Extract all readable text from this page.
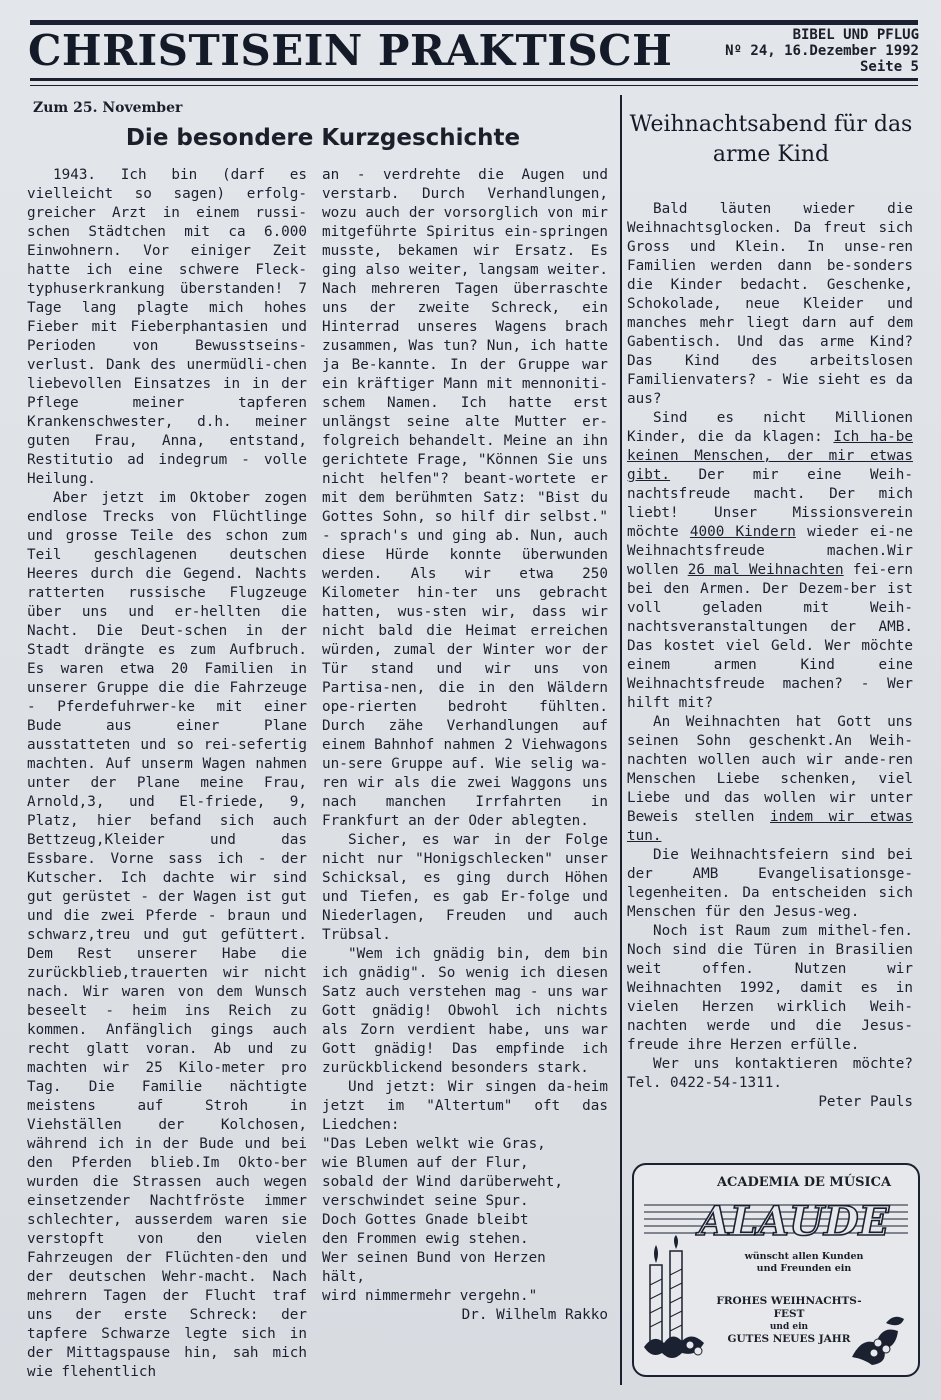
CHRISTISEIN PRAKTISCH	BIBEL UND PFLUG
Nº 24, 16.Dezember 1992
Seite 5
Zum 25. November
Die besondere Kurzgeschichte

1943. Ich bin (darf es vielleicht so sagen) erfolg-greicher Arzt in einem russi-schen Städtchen mit ca 6.000 Einwohnern. Vor einiger Zeit hatte ich eine schwere Fleck-typhuserkrankung überstanden! 7 Tage lang plagte mich hohes Fieber mit Fieberphantasien und Perioden von Bewusstseins-verlust. Dank des unermüdli-chen liebevollen Einsatzes in in der Pflege meiner tapferen Krankenschwester, d.h. meiner guten Frau, Anna, entstand, Restitutio ad indegrum - volle Heilung.

Aber jetzt im Oktober zogen endlose Trecks von Flüchtlinge und grosse Teile des schon zum Teil geschlagenen deutschen Heeres durch die Gegend. Nachts ratterten russische Flugzeuge über uns und er-hellten die Nacht. Die Deut-schen in der Stadt drängte es zum Aufbruch. Es waren etwa 20 Familien in unserer Gruppe die die Fahrzeuge - Pferdefuhrwer-ke mit einer Bude aus einer Plane ausstatteten und so rei-sefertig machten. Auf unserm Wagen nahmen unter der Plane meine Frau, Arnold,3, und El-friede, 9, Platz, hier befand sich auch Bettzeug,Kleider und das Essbare. Vorne sass ich - der Kutscher. Ich dachte wir sind gut gerüstet - der Wagen ist gut und die zwei Pferde - braun und schwarz,treu und gut gefüttert. Dem Rest unserer Habe die zurückblieb,trauerten wir nicht nach. Wir waren von dem Wunsch beseelt - heim ins Reich zu kommen. Anfänglich gings auch recht glatt voran. Ab und zu machten wir 25 Kilo-meter pro Tag. Die Familie nächtigte meistens auf Stroh in Viehställen der Kolchosen, während ich in der Bude und bei den Pferden blieb.Im Okto-ber wurden die Strassen auch wegen einsetzender Nachtfröste immer schlechter, ausserdem waren sie verstopft von den vielen Fahrzeugen der Flüchten-den und der deutschen Wehr-macht. Nach mehrern Tagen der Flucht traf uns der erste Schreck: der tapfere Schwarze legte sich in der Mittagspause hin, sah mich wie flehentlich

an - verdrehte die Augen und verstarb. Durch Verhandlungen, wozu auch der vorsorglich von mir mitgeführte Spiritus ein-springen musste, bekamen wir Ersatz. Es ging also weiter, langsam weiter. Nach mehreren Tagen überraschte uns der zweite Schreck, ein Hinterrad unseres Wagens brach zusammen, Was tun? Nun, ich hatte ja Be-kannte. In der Gruppe war ein kräftiger Mann mit mennoniti-schem Namen. Ich hatte erst unlängst seine alte Mutter er-folgreich behandelt. Meine an ihn gerichtete Frage, "Können Sie uns nicht helfen"? beant-wortete er mit dem berühmten Satz: "Bist du Gottes Sohn, so hilf dir selbst." - sprach's und ging ab. Nun, auch diese Hürde konnte überwunden werden. Als wir etwa 250 Kilometer hin-ter uns gebracht hatten, wus-sten wir, dass wir nicht bald die Heimat erreichen würden, zumal der Winter wor der Tür stand und wir uns von Partisa-nen, die in den Wäldern ope-rierten bedroht fühlten. Durch zähe Verhandlungen auf einem Bahnhof nahmen 2 Viehwagons un-sere Gruppe auf. Wie selig wa-ren wir als die zwei Waggons uns nach manchen Irrfahrten in Frankfurt an der Oder ablegten.

Sicher, es war in der Folge nicht nur "Honigschlecken" unser Schicksal, es ging durch Höhen und Tiefen, es gab Er-folge und Niederlagen, Freuden und auch Trübsal.

"Wem ich gnädig bin, dem bin ich gnädig". So wenig ich diesen Satz auch verstehen mag - uns war Gott gnädig! Obwohl ich nichts als Zorn verdient habe, uns war Gott gnädig! Das empfinde ich zurückblickend besonders stark.

Und jetzt: Wir singen da-heim jetzt im "Altertum" oft das Liedchen:

"Das Leben welkt wie Gras,
wie Blumen auf der Flur,
sobald der Wind darüberweht,
verschwindet seine Spur.
Doch Gottes Gnade bleibt
den Frommen ewig stehen.
Wer seinen Bund von Herzen
hält,
wird nimmermehr vergehn."
Dr. Wilhelm Rakko
Weihnachtsabend für das
arme Kind

Bald läuten wieder die Weihnachtsglocken. Da freut sich Gross und Klein. In unse-ren Familien werden dann be-sonders die Kinder bedacht. Geschenke, Schokolade, neue Kleider und manches mehr liegt darn auf dem Gabentisch. Und das arme Kind? Das Kind des arbeitslosen Familienvaters? - Wie sieht es da aus?

Sind es nicht Millionen Kinder, die da klagen: Ich ha-be keinen Menschen, der mir etwas gibt. Der mir eine Weih-nachtsfreude macht. Der mich liebt! Unser Missionsverein möchte 4000 Kindern wieder ei-ne Weihnachtsfreude machen.Wir wollen 26 mal Weihnachten fei-ern bei den Armen. Der Dezem-ber ist voll geladen mit Weih-nachtsveranstaltungen der AMB. Das kostet viel Geld. Wer möchte einem armen Kind eine Weihnachtsfreude machen? - Wer hilft mit?

An Weihnachten hat Gott uns seinen Sohn geschenkt.An Weih-nachten wollen auch wir ande-ren Menschen Liebe schenken, viel Liebe und das wollen wir unter Beweis stellen indem wir etwas tun.

Die Weihnachtsfeiern sind bei der AMB Evangelisationsge-legenheiten. Da entscheiden sich Menschen für den Jesus-weg.

Noch ist Raum zum mithel-fen. Noch sind die Türen in Brasilien weit offen. Nutzen wir Weihnachten 1992, damit es in vielen Herzen wirklich Weih-nachten werde und die Jesus-freude ihre Herzen erfülle.

Wer uns kontaktieren möchte? Tel. 0422-54-1311.

Peter Pauls
ACADEMIA DE MÚSICA
ALAUDE
wünscht allen Kunden
und Freunden ein
FROHES WEIHNACHTS-
FEST
und ein
GUTES NEUES JAHR
